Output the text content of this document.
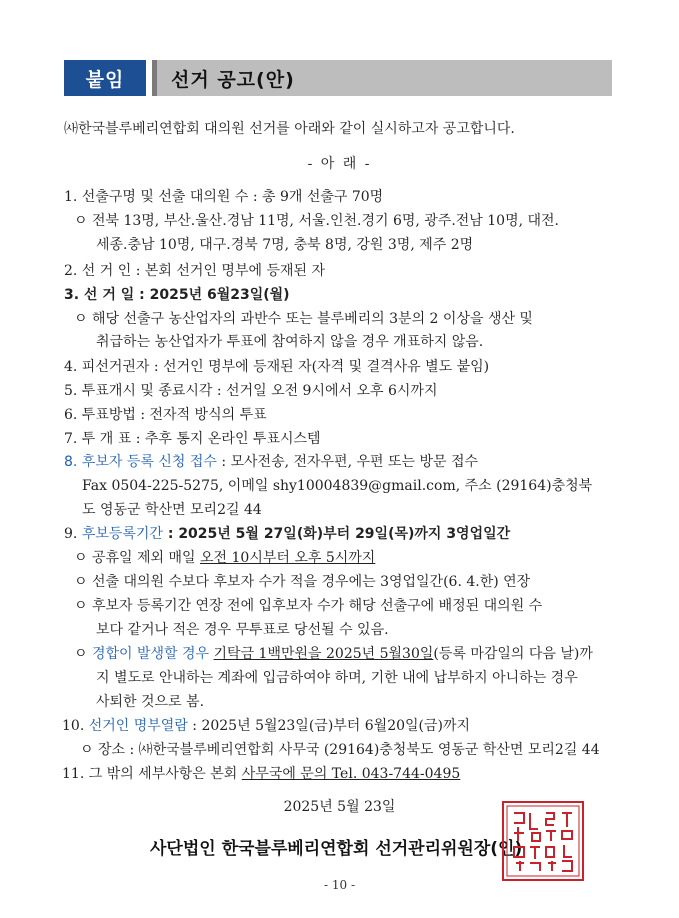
붙임	선거 공고(안)
㈔한국블루베리연합회 대의원 선거를 아래와 같이 실시하고자 공고합니다.
- 아 래 -
1. 선출구명 및 선출 대의원 수 : 총 9개 선출구 70명
ㅇ 전북 13명, 부산.울산.경남 11명, 서울.인천.경기 6명, 광주.전남 10명, 대전.
세종.충남 10명, 대구.경북 7명, 충북 8명, 강원 3명, 제주 2명
2. 선 거 인 : 본회 선거인 명부에 등재된 자
3. 선 거 일 : 2025년 6월23일(월)
ㅇ 해당 선출구 농산업자의 과반수 또는 블루베리의 3분의 2 이상을 생산 및
취급하는 농산업자가 투표에 참여하지 않을 경우 개표하지 않음.
4. 피선거권자 : 선거인 명부에 등재된 자(자격 및 결격사유 별도 붙임)
5. 투표개시 및 종료시각 : 선거일 오전 9시에서 오후 6시까지
6. 투표방법 : 전자적 방식의 투표
7. 투 개 표 : 추후 통지 온라인 투표시스템
8. 후보자 등록 신청 접수 : 모사전송, 전자우편, 우편 또는 방문 접수
Fax 0504-225-5275, 이메일 shy10004839@gmail.com, 주소 (29164)충청북
도 영동군 학산면 모리2길 44
9. 후보등록기간 : 2025년 5월 27일(화)부터 29일(목)까지 3영업일간
ㅇ 공휴일 제외 매일 오전 10시부터 오후 5시까지
ㅇ 선출 대의원 수보다 후보자 수가 적을 경우에는 3영업일간(6. 4.한) 연장
ㅇ 후보자 등록기간 연장 전에 입후보자 수가 해당 선출구에 배정된 대의원 수
보다 같거나 적은 경우 무투표로 당선될 수 있음.
ㅇ 경합이 발생할 경우 기탁금 1백만원을 2025년 5월30일(등록 마감일의 다음 날)까
지 별도로 안내하는 계좌에 입금하여야 하며, 기한 내에 납부하지 아니하는 경우
사퇴한 것으로 봄.
10. 선거인 명부열람 : 2025년 5월23일(금)부터 6월20일(금)까지
ㅇ 장소 : ㈔한국블루베리연합회 사무국 (29164)충청북도 영동군 학산면 모리2길 44
11. 그 밖의 세부사항은 본회 사무국에 문의 Tel. 043-744-0495
2025년 5월 23일
사단법인 한국블루베리연합회 선거관리위원장(인)
- 10 -
